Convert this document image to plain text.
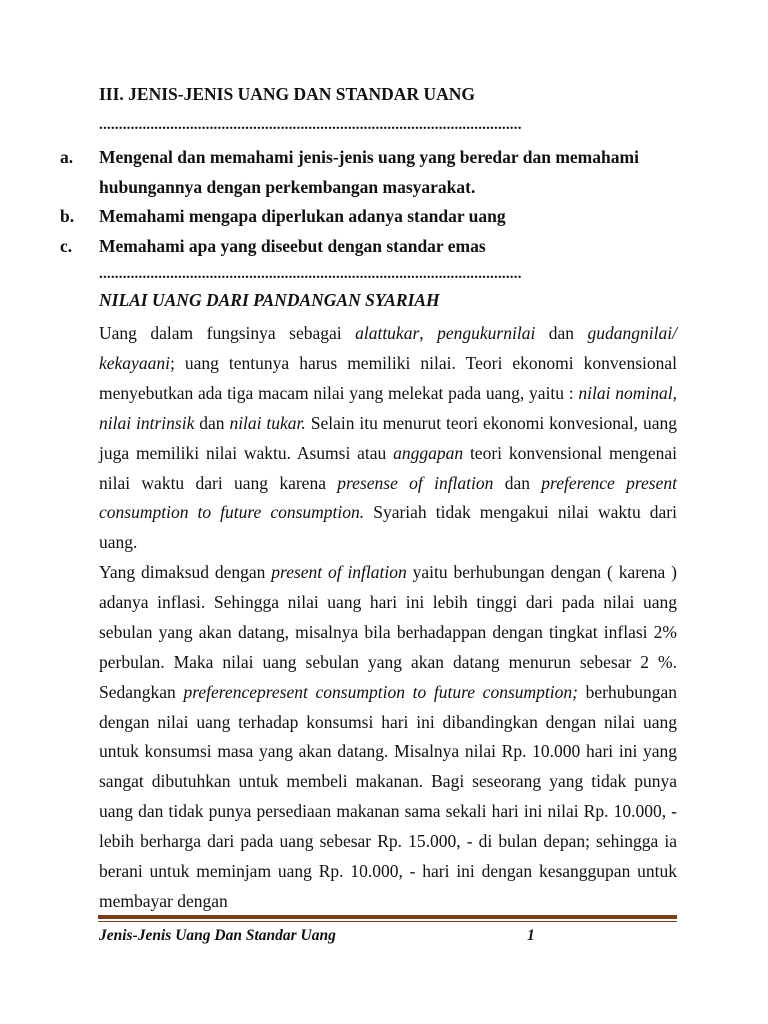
III. JENIS-JENIS UANG DAN STANDAR UANG
...........................................................................................................
a. Mengenal dan memahami jenis-jenis uang yang beredar dan memahami hubungannya dengan perkembangan masyarakat.
b. Memahami mengapa diperlukan adanya standar uang
c. Memahami apa yang diseebut dengan standar emas
...........................................................................................................
NILAI UANG DARI PANDANGAN SYARIAH
Uang dalam fungsinya sebagai alattukar, pengukurnilai dan gudangnilai/ kekayaani; uang tentunya harus memiliki nilai. Teori ekonomi konvensional menyebutkan ada tiga macam nilai yang melekat pada uang, yaitu : nilai nominal, nilai intrinsik dan nilai tukar. Selain itu menurut teori ekonomi konvesional, uang juga memiliki nilai waktu. Asumsi atau anggapan teori konvensional mengenai nilai waktu dari uang karena presense of inflation dan preference present consumption to future consumption. Syariah tidak mengakui nilai waktu dari uang.
Yang dimaksud dengan present of inflation yaitu berhubungan dengan ( karena ) adanya inflasi. Sehingga nilai uang hari ini lebih tinggi dari pada nilai uang sebulan yang akan datang, misalnya bila berhadappan dengan tingkat inflasi 2% perbulan. Maka nilai uang sebulan yang akan datang menurun sebesar 2 %. Sedangkan preferencepresent consumption to future consumption; berhubungan dengan nilai uang terhadap konsumsi hari ini dibandingkan dengan nilai uang untuk konsumsi masa yang akan datang. Misalnya nilai Rp. 10.000 hari ini yang sangat dibutuhkan untuk membeli makanan. Bagi seseorang yang tidak punya uang dan tidak punya persediaan makanan sama sekali hari ini nilai Rp. 10.000, - lebih berharga dari pada uang sebesar Rp. 15.000, - di bulan depan; sehingga ia berani untuk meminjam uang Rp. 10.000, - hari ini dengan kesanggupan untuk membayar dengan
Jenis-Jenis Uang Dan Standar Uang	1
